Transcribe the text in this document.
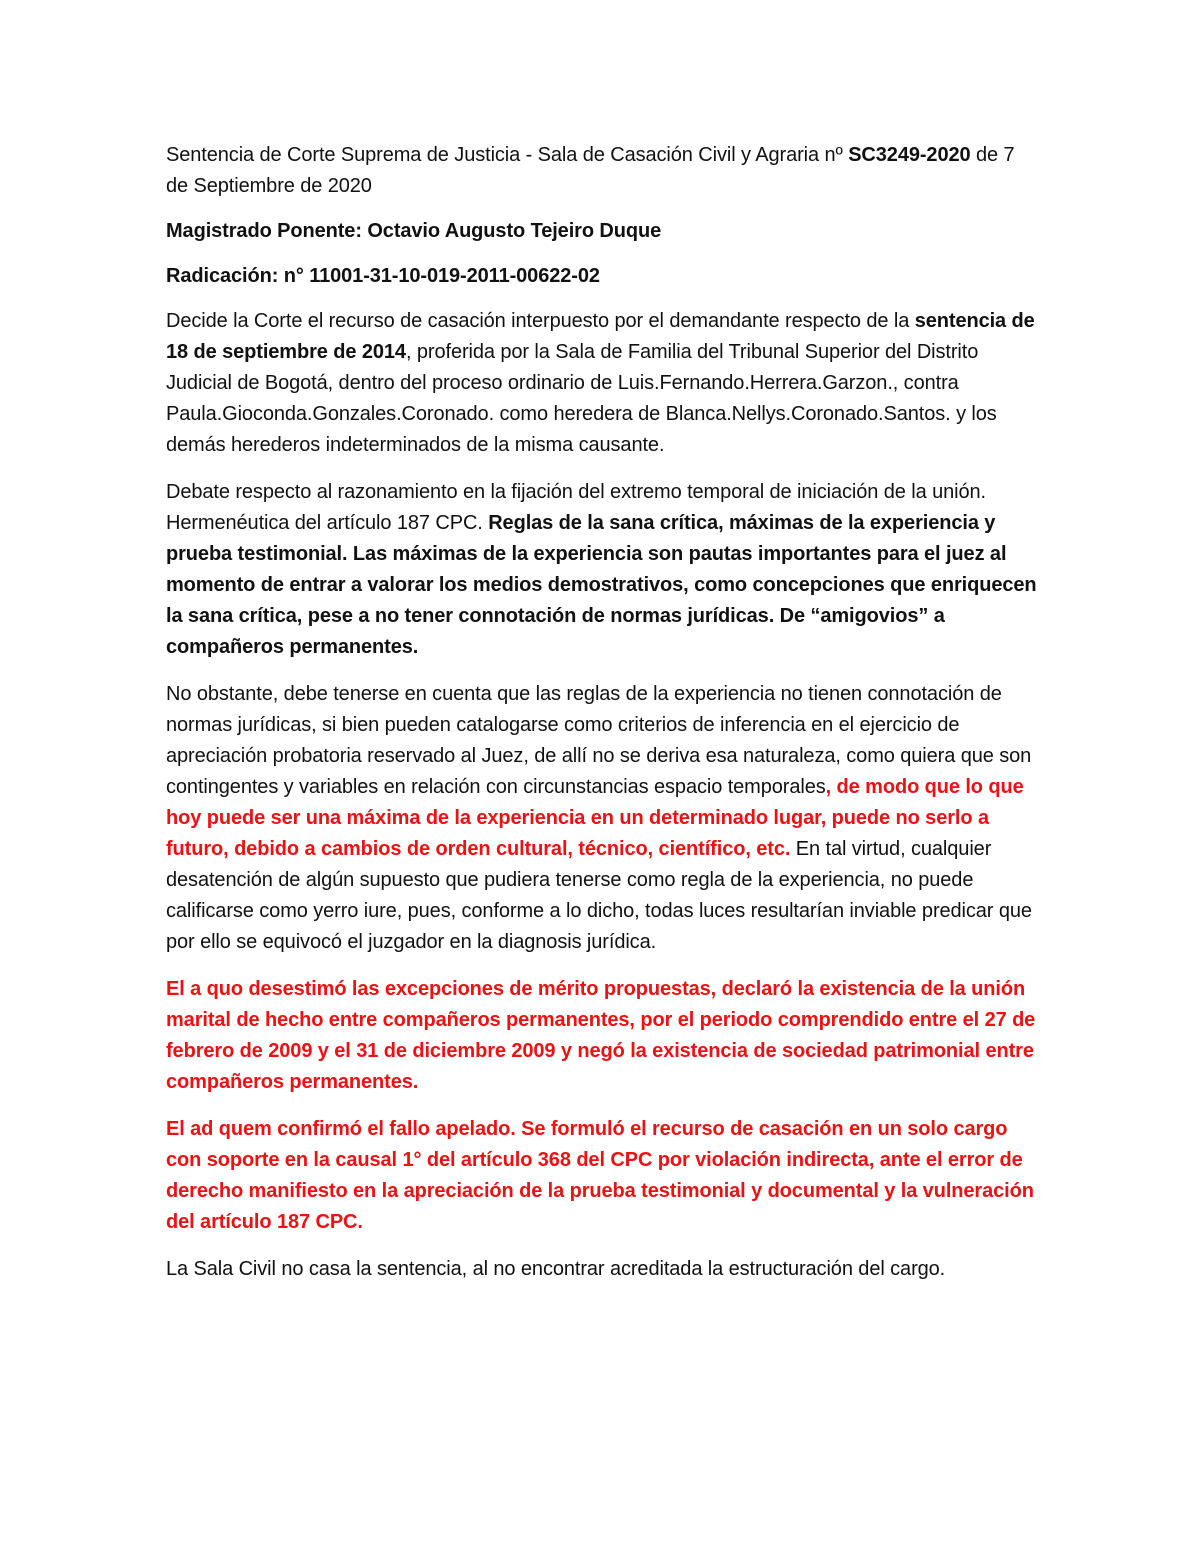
Sentencia de Corte Suprema de Justicia - Sala de Casación Civil y Agraria nº SC3249-2020 de 7 de Septiembre de 2020

Magistrado Ponente: Octavio Augusto Tejeiro Duque

Radicación: n° 11001-31-10-019-2011-00622-02

Decide la Corte el recurso de casación interpuesto por el demandante respecto de la sentencia de 18 de septiembre de 2014, proferida por la Sala de Familia del Tribunal Superior del Distrito Judicial de Bogotá, dentro del proceso ordinario de Luis.Fernando.Herrera.Garzon., contra Paula.Gioconda.Gonzales.Coronado. como heredera de Blanca.Nellys.Coronado.Santos. y los demás herederos indeterminados de la misma causante.

Debate respecto al razonamiento en la fijación del extremo temporal de iniciación de la unión. Hermenéutica del artículo 187 CPC. Reglas de la sana crítica, máximas de la experiencia y prueba testimonial. Las máximas de la experiencia son pautas importantes para el juez al momento de entrar a valorar los medios demostrativos, como concepciones que enriquecen la sana crítica, pese a no tener connotación de normas jurídicas. De “amigovios” a compañeros permanentes.

No obstante, debe tenerse en cuenta que las reglas de la experiencia no tienen connotación de normas jurídicas, si bien pueden catalogarse como criterios de inferencia en el ejercicio de apreciación probatoria reservado al Juez, de allí no se deriva esa naturaleza, como quiera que son contingentes y variables en relación con circunstancias espacio temporales, de modo que lo que hoy puede ser una máxima de la experiencia en un determinado lugar, puede no serlo a futuro, debido a cambios de orden cultural, técnico, científico, etc. En tal virtud, cualquier desatención de algún supuesto que pudiera tenerse como regla de la experiencia, no puede calificarse como yerro iure, pues, conforme a lo dicho, todas luces resultarían inviable predicar que por ello se equivocó el juzgador en la diagnosis jurídica.

El a quo desestimó las excepciones de mérito propuestas, declaró la existencia de la unión marital de hecho entre compañeros permanentes, por el periodo comprendido entre el 27 de febrero de 2009 y el 31 de diciembre 2009 y negó la existencia de sociedad patrimonial entre compañeros permanentes.

El ad quem confirmó el fallo apelado. Se formuló el recurso de casación en un solo cargo con soporte en la causal 1° del artículo 368 del CPC por violación indirecta, ante el error de derecho manifiesto en la apreciación de la prueba testimonial y documental y la vulneración del artículo 187 CPC.

La Sala Civil no casa la sentencia, al no encontrar acreditada la estructuración del cargo.
